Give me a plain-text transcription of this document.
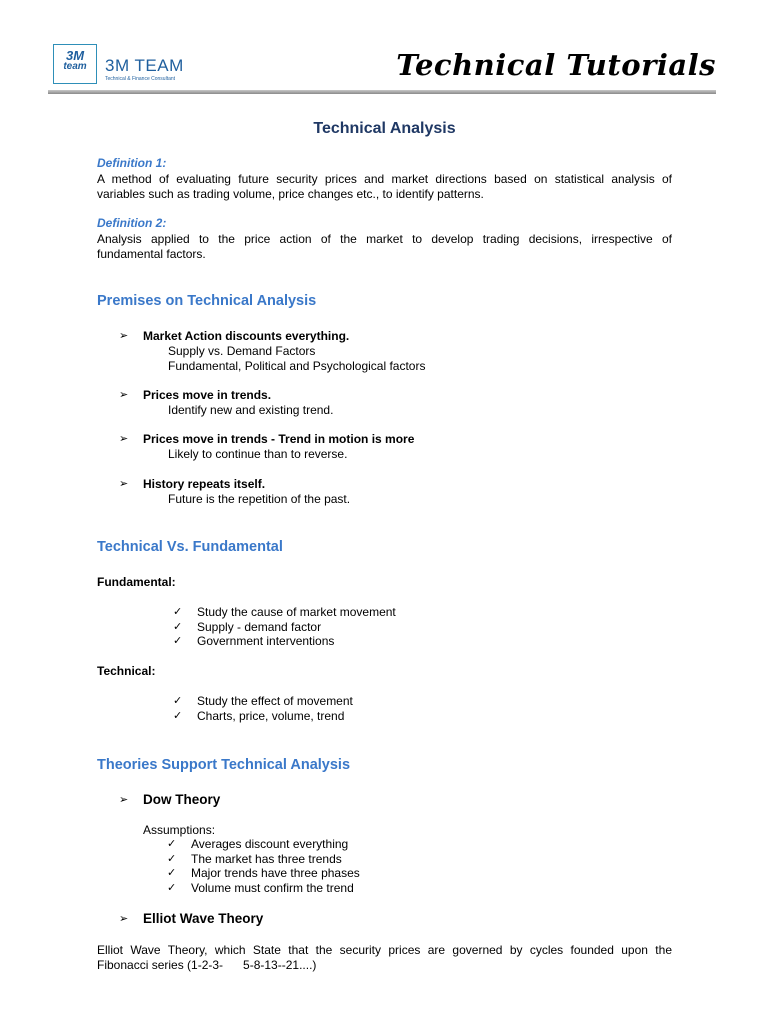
3M
team	3M TEAM
Technical & Finance Consultant	Technical Tutorials
Technical Analysis
Definition 1:
A method of evaluating future security prices and market directions based on statistical analysis of
variables such as trading volume, price changes etc., to identify patterns.
Definition 2:
Analysis applied to the price action of the market to develop trading decisions, irrespective of
fundamental factors.
Premises on Technical Analysis
➢ Market Action discounts everything.
Supply vs. Demand Factors
Fundamental, Political and Psychological factors
➢ Prices move in trends.
Identify new and existing trend.
➢ Prices move in trends - Trend in motion is more
Likely to continue than to reverse.
➢ History repeats itself.
Future is the repetition of the past.
Technical Vs. Fundamental
Fundamental:
✓ Study the cause of market movement
✓ Supply - demand factor
✓ Government interventions
Technical:
✓ Study the effect of movement
✓ Charts, price, volume, trend
Theories Support Technical Analysis
➢ Dow Theory
Assumptions:
✓ Averages discount everything
✓ The market has three trends
✓ Major trends have three phases
✓ Volume must confirm the trend
➢ Elliot Wave Theory
Elliot Wave Theory, which State that the security prices are governed by cycles founded upon the
Fibonacci series (1-2-3-      5-8-13--21....)
